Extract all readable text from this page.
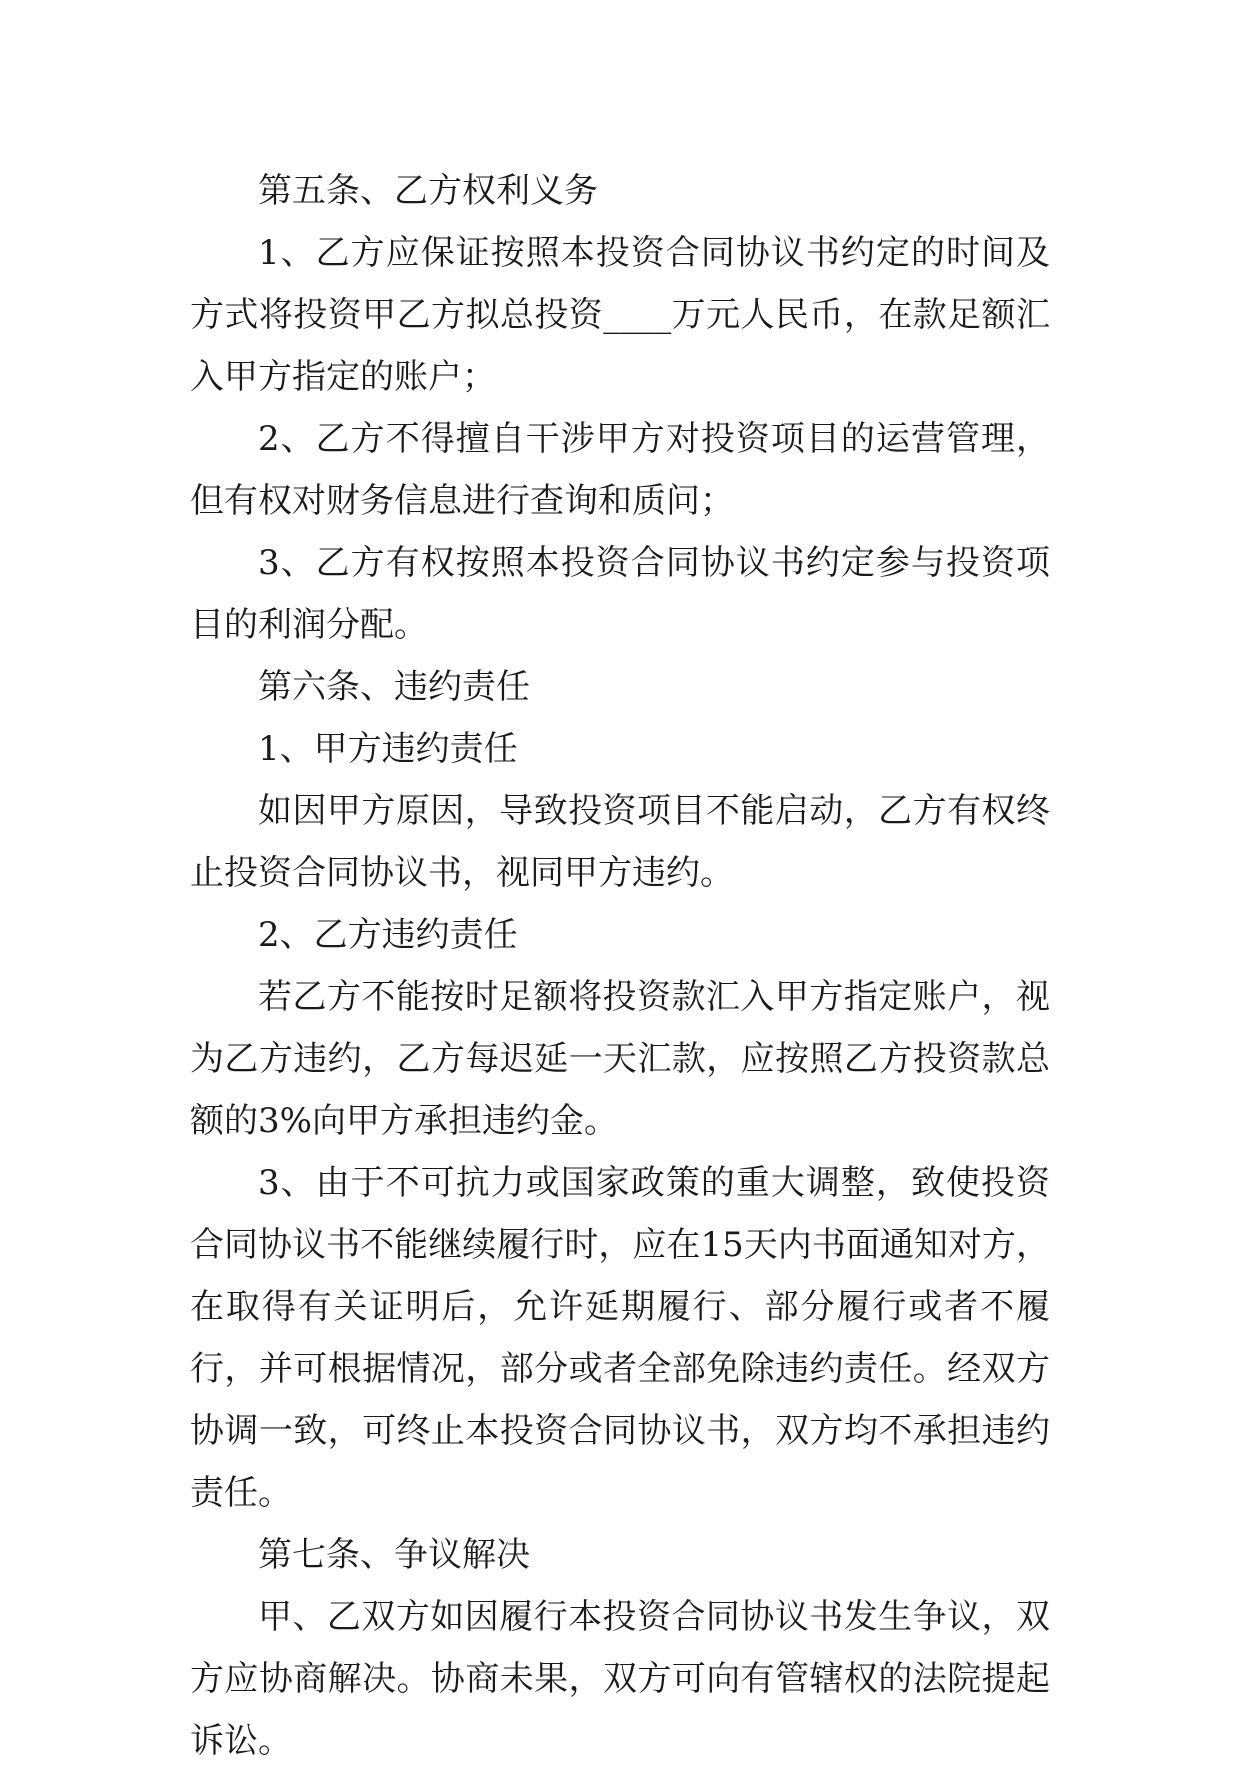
第五条、乙方权利义务

1、乙方应保证按照本投资合同协议书约定的时间及方式将投资甲乙方拟总投资____万元人民币，在款足额汇入甲方指定的账户；

2、乙方不得擅自干涉甲方对投资项目的运营管理，但有权对财务信息进行查询和质问；

3、乙方有权按照本投资合同协议书约定参与投资项目的利润分配。

第六条、违约责任

1、甲方违约责任

如因甲方原因，导致投资项目不能启动，乙方有权终止投资合同协议书，视同甲方违约。

2、乙方违约责任

若乙方不能按时足额将投资款汇入甲方指定账户，视为乙方违约，乙方每迟延一天汇款，应按照乙方投资款总额的3%向甲方承担违约金。

3、由于不可抗力或国家政策的重大调整，致使投资合同协议书不能继续履行时，应在15天内书面通知对方，在取得有关证明后，允许延期履行、部分履行或者不履行，并可根据情况，部分或者全部免除违约责任。经双方协调一致，可终止本投资合同协议书，双方均不承担违约责任。

第七条、争议解决

甲、乙双方如因履行本投资合同协议书发生争议，双方应协商解决。协商未果，双方可向有管辖权的法院提起诉讼。
